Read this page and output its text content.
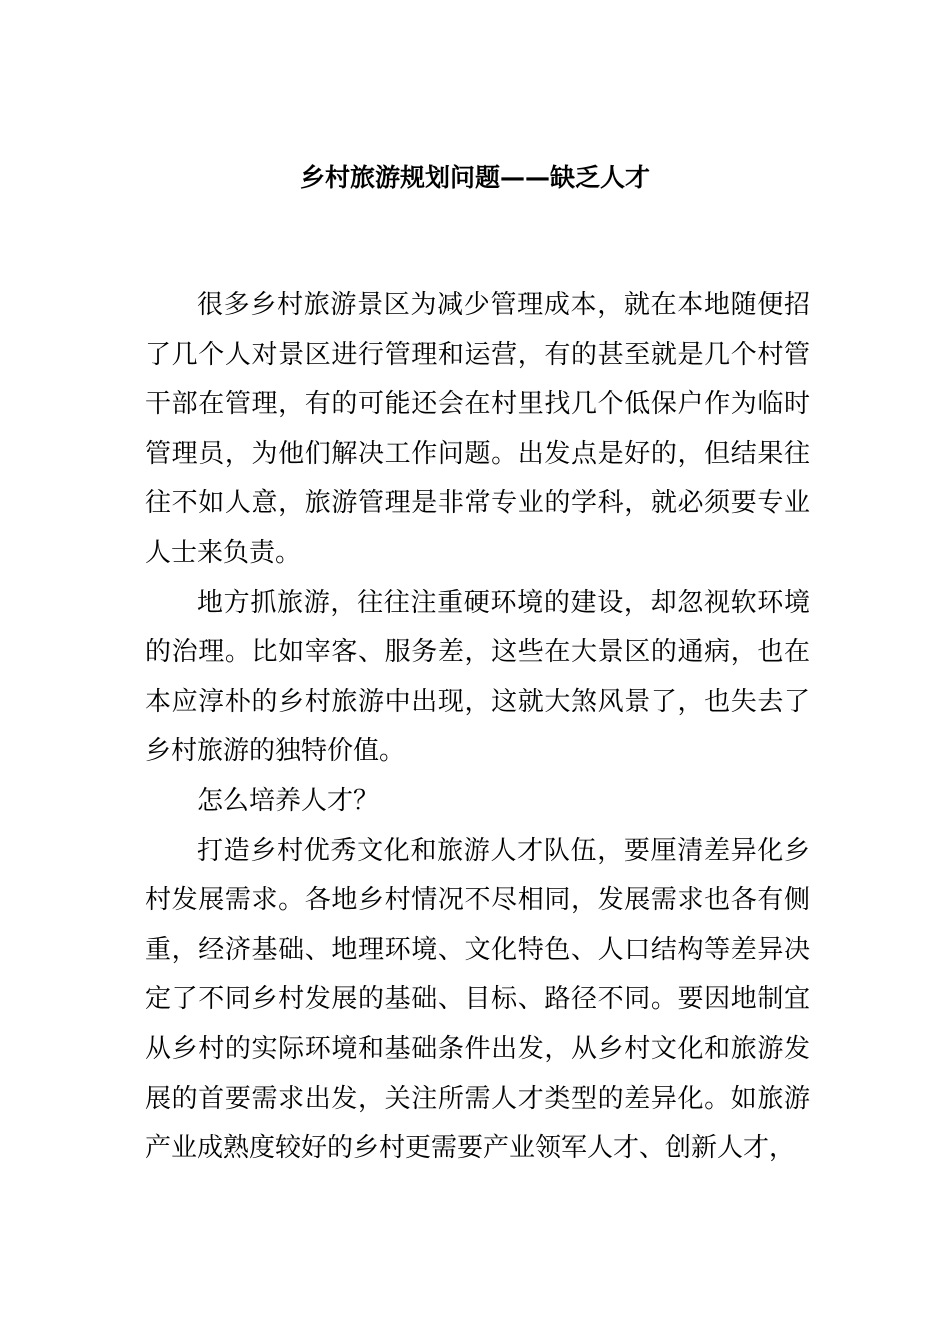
乡村旅游规划问题——缺乏人才

很多乡村旅游景区为减少管理成本，就在本地随便招了几个人对景区进行管理和运营，有的甚至就是几个村管干部在管理，有的可能还会在村里找几个低保户作为临时管理员，为他们解决工作问题。出发点是好的，但结果往往不如人意，旅游管理是非常专业的学科，就必须要专业人士来负责。

地方抓旅游，往往注重硬环境的建设，却忽视软环境的治理。比如宰客、服务差，这些在大景区的通病，也在本应淳朴的乡村旅游中出现，这就大煞风景了，也失去了乡村旅游的独特价值。

怎么培养人才？

打造乡村优秀文化和旅游人才队伍，要厘清差异化乡村发展需求。各地乡村情况不尽相同，发展需求也各有侧重，经济基础、地理环境、文化特色、人口结构等差异决定了不同乡村发展的基础、目标、路径不同。要因地制宜从乡村的实际环境和基础条件出发，从乡村文化和旅游发展的首要需求出发，关注所需人才类型的差异化。如旅游产业成熟度较好的乡村更需要产业领军人才、创新人才，
